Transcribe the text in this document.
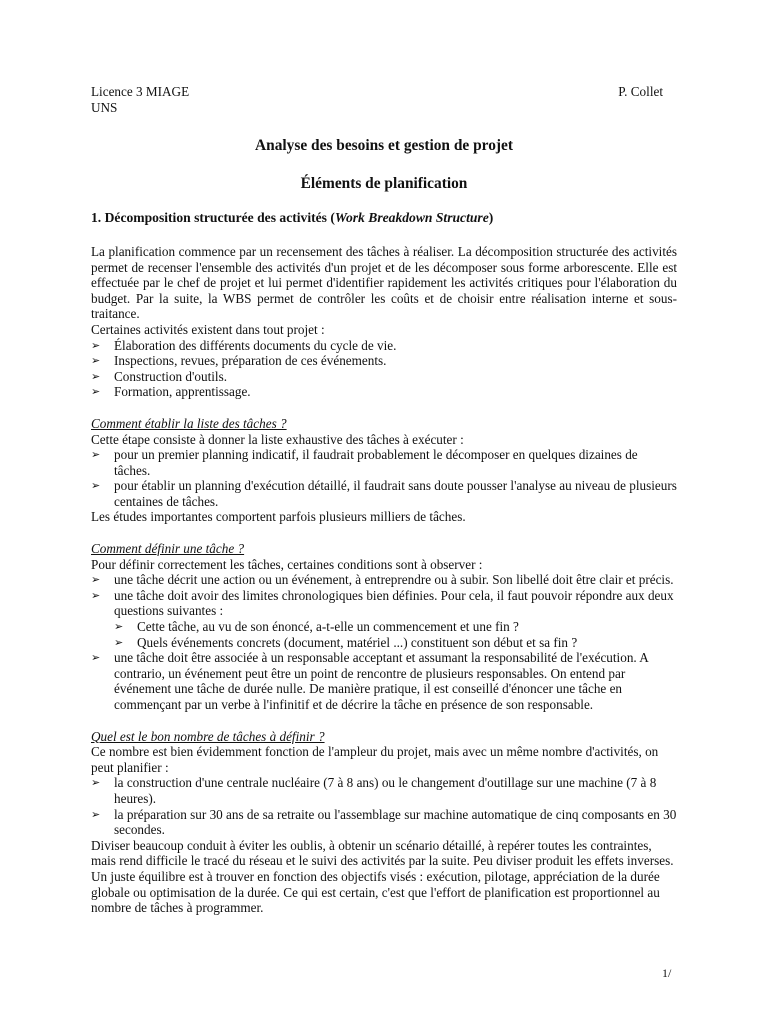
Licence 3 MIAGE
UNS
P. Collet
Analyse des besoins et gestion de projet
Éléments de planification
1. Décomposition structurée des activités (Work Breakdown Structure)

La planification commence par un recensement des tâches à réaliser. La décomposition structurée des activités permet de recenser l'ensemble des activités d'un projet et de les décomposer sous forme arborescente. Elle est effectuée par le chef de projet et lui permet d'identifier rapidement les activités critiques pour l'élaboration du budget. Par la suite, la WBS permet de contrôler les coûts et de choisir entre réalisation interne et sous-traitance.

Certaines activités existent dans tout projet :

➢ Élaboration des différents documents du cycle de vie.
➢ Inspections, revues, préparation de ces événements.
➢ Construction d'outils.
➢ Formation, apprentissage.
Comment établir la liste des tâches ?

Cette étape consiste à donner la liste exhaustive des tâches à exécuter :

➢ pour un premier planning indicatif, il faudrait probablement le décomposer en quelques dizaines de tâches.
➢ pour établir un planning d'exécution détaillé, il faudrait sans doute pousser l'analyse au niveau de plusieurs centaines de tâches.

Les études importantes comportent parfois plusieurs milliers de tâches.

Comment définir une tâche ?

Pour définir correctement les tâches, certaines conditions sont à observer :

➢ une tâche décrit une action ou un événement, à entreprendre ou à subir. Son libellé doit être clair et précis.
➢ une tâche doit avoir des limites chronologiques bien définies. Pour cela, il faut pouvoir répondre aux deux questions suivantes :
➢ Cette tâche, au vu de son énoncé, a-t-elle un commencement et une fin ?
➢ Quels événements concrets (document, matériel ...) constituent son début et sa fin ?
➢ une tâche doit être associée à un responsable acceptant et assumant la responsabilité de l'exécution. A contrario, un événement peut être un point de rencontre de plusieurs responsables. On entend par événement une tâche de durée nulle. De manière pratique, il est conseillé d'énoncer une tâche en commençant par un verbe à l'infinitif et de décrire la tâche en présence de son responsable.
Quel est le bon nombre de tâches à définir ?

Ce nombre est bien évidemment fonction de l'ampleur du projet, mais avec un même nombre d'activités, on peut planifier :

➢ la construction d'une centrale nucléaire (7 à 8 ans) ou le changement d'outillage sur une machine (7 à 8 heures).
➢ la préparation sur 30 ans de sa retraite ou l'assemblage sur machine automatique de cinq composants en 30 secondes.

Diviser beaucoup conduit à éviter les oublis, à obtenir un scénario détaillé, à repérer toutes les contraintes, mais rend difficile le tracé du réseau et le suivi des activités par la suite. Peu diviser produit les effets inverses. Un juste équilibre est à trouver en fonction des objectifs visés : exécution, pilotage, appréciation de la durée globale ou optimisation de la durée. Ce qui est certain, c'est que l'effort de planification est proportionnel au nombre de tâches à programmer.

1/
